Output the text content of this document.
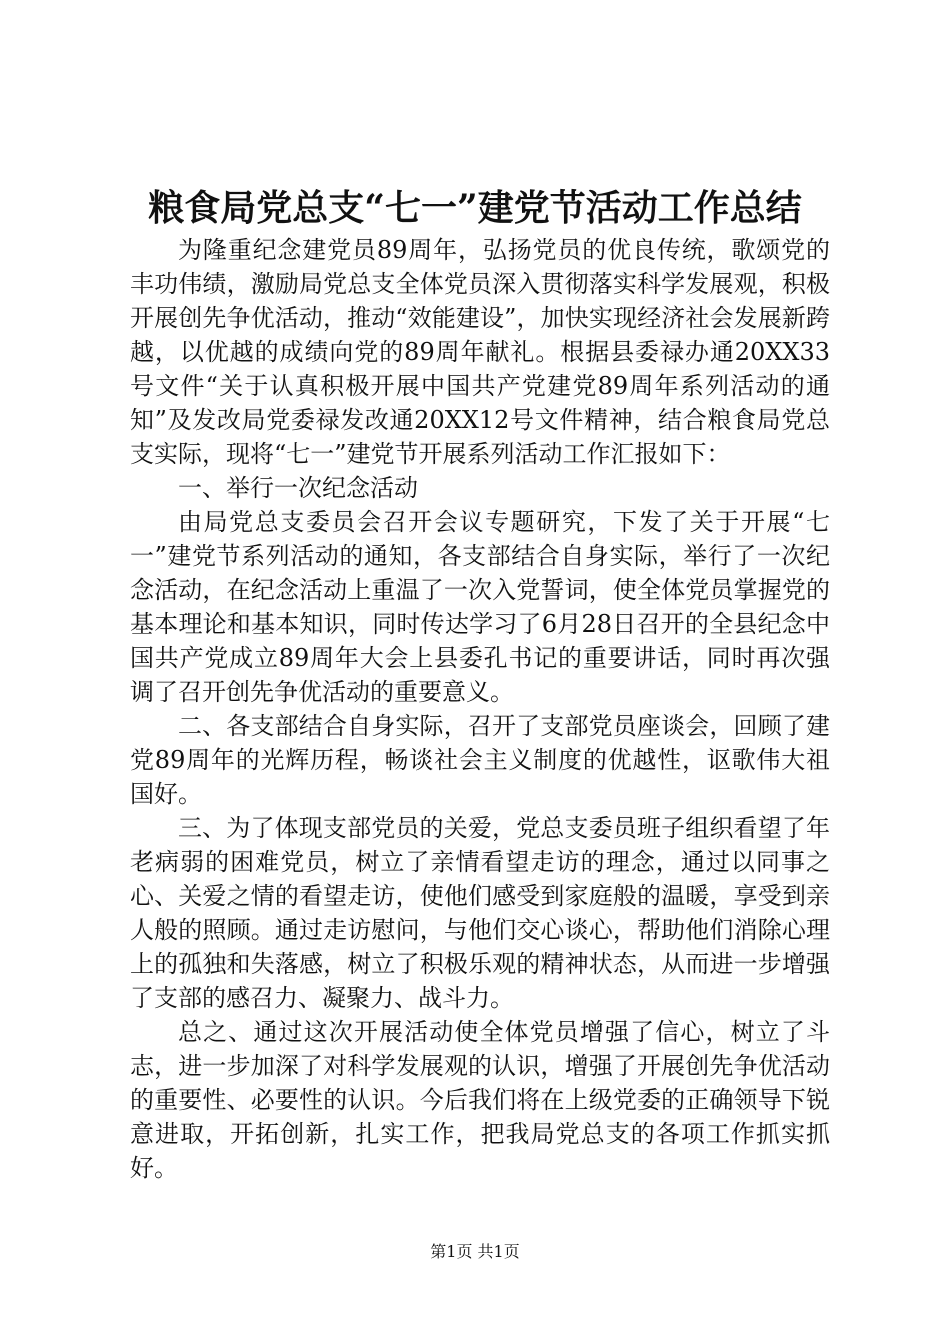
粮食局党总支“七一”建党节活动工作总结

为隆重纪念建党员89周年，弘扬党员的优良传统，歌颂党的丰功伟绩，激励局党总支全体党员深入贯彻落实科学发展观，积极开展创先争优活动，推动“效能建设”，加快实现经济社会发展新跨越，以优越的成绩向党的89周年献礼。根据县委禄办通20XX33号文件“关于认真积极开展中国共产党建党89周年系列活动的通知”及发改局党委禄发改通20XX12号文件精神，结合粮食局党总支实际，现将“七一”建党节开展系列活动工作汇报如下：

一、举行一次纪念活动

由局党总支委员会召开会议专题研究，下发了关于开展“七一”建党节系列活动的通知，各支部结合自身实际，举行了一次纪念活动，在纪念活动上重温了一次入党誓词，使全体党员掌握党的基本理论和基本知识，同时传达学习了6月28日召开的全县纪念中国共产党成立89周年大会上县委孔书记的重要讲话，同时再次强调了召开创先争优活动的重要意义。

二、各支部结合自身实际，召开了支部党员座谈会，回顾了建党89周年的光辉历程，畅谈社会主义制度的优越性，讴歌伟大祖国好。

三、为了体现支部党员的关爱，党总支委员班子组织看望了年老病弱的困难党员，树立了亲情看望走访的理念，通过以同事之心、关爱之情的看望走访，使他们感受到家庭般的温暖，享受到亲人般的照顾。通过走访慰问，与他们交心谈心，帮助他们消除心理上的孤独和失落感，树立了积极乐观的精神状态，从而进一步增强了支部的感召力、凝聚力、战斗力。

总之、通过这次开展活动使全体党员增强了信心，树立了斗志，进一步加深了对科学发展观的认识，增强了开展创先争优活动的重要性、必要性的认识。今后我们将在上级党委的正确领导下锐意进取，开拓创新，扎实工作，把我局党总支的各项工作抓实抓好。

第1页 共1页
